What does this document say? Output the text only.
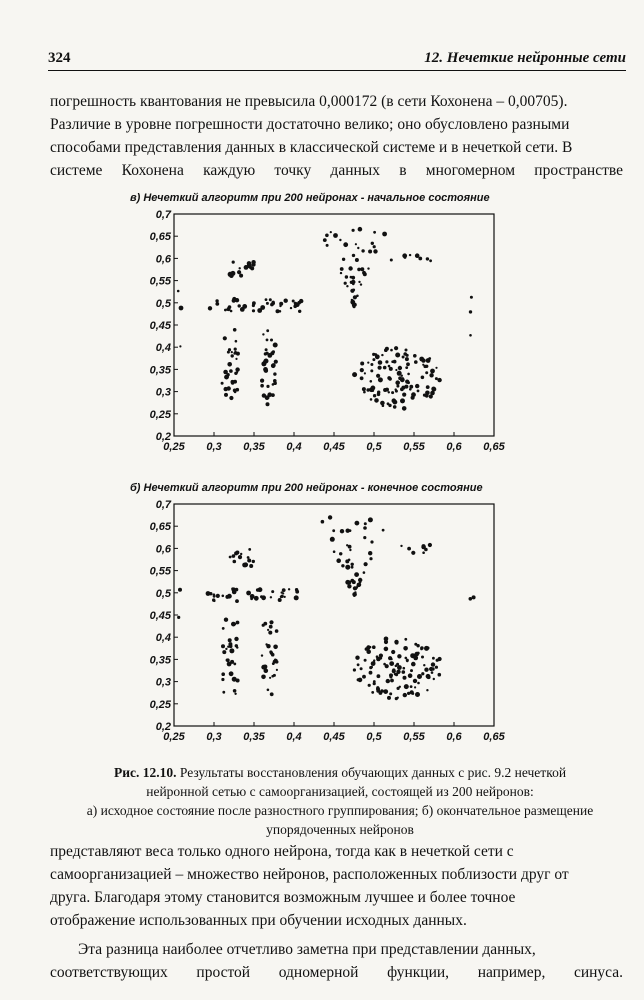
324	12. Нечеткие нейронные сети

погрешность квантования не превысила 0,000172 (в сети Кохонена – 0,00705).

Различие в уровне погрешности достаточно велико; оно обусловлено разными

способами представления данных в классической системе и в нечеткой сети. В

системе Кохонена каждую точку данных в многомерном пространстве

в) Нечеткий алгоритм при 200 нейронах - начальное состояние
0,2
0,25
0,3
0,35
0,4
0,45
0,5
0,55
0,6
0,65
0,7
0,25 0,3 0,35 0,4 0,45 0,5 0,55 0,6 0,65
б) Нечеткий алгоритм при 200 нейронах - конечное состояние
0,2
0,25
0,3
0,35
0,4
0,45
0,5
0,55
0,6
0,65
0,7
0,25 0,3 0,35 0,4 0,45 0,5 0,55 0,6 0,65
Рис. 12.10. Результаты восстановления обучающих данных с рис. 9.2 нечеткой
нейронной сетью с самоорганизацией, состоящей из 200 нейронов:
а) исходное состояние после разностного группирования; б) окончательное размещение
упорядоченных нейронов

представляют веса только одного нейрона, тогда как в нечеткой сети с

самоорганизацией – множество нейронов, расположенных поблизости друг от

друга. Благодаря этому становится возможным лучшее и более точное

отображение использованных при обучении исходных данных.

Эта разница наиболее отчетливо заметна при представлении данных,

соответствующих простой одномерной функции, например, синуса.
